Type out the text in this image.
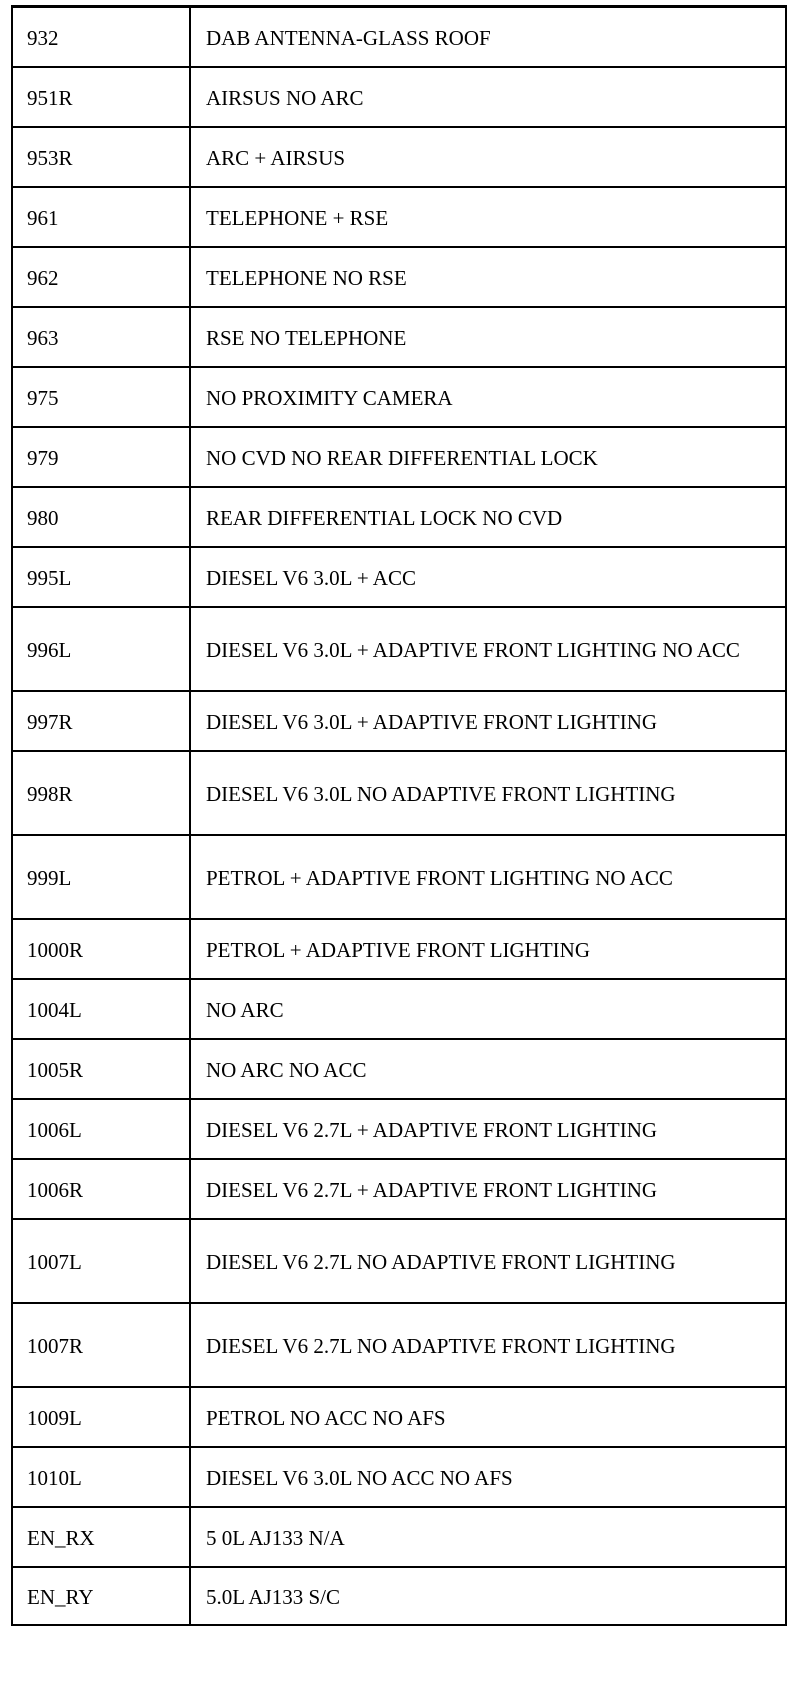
932	DAB ANTENNA-GLASS ROOF
951R	AIRSUS NO ARC
953R	ARC + AIRSUS
961	TELEPHONE + RSE
962	TELEPHONE NO RSE
963	RSE NO TELEPHONE
975	NO PROXIMITY CAMERA
979	NO CVD NO REAR DIFFERENTIAL LOCK
980	REAR DIFFERENTIAL LOCK NO CVD
995L	DIESEL V6 3.0L + ACC
996L	DIESEL V6 3.0L + ADAPTIVE FRONT LIGHTING NO ACC
997R	DIESEL V6 3.0L + ADAPTIVE FRONT LIGHTING
998R	DIESEL V6 3.0L NO ADAPTIVE FRONT LIGHTING
999L	PETROL + ADAPTIVE FRONT LIGHTING NO ACC
1000R	PETROL + ADAPTIVE FRONT LIGHTING
1004L	NO ARC
1005R	NO ARC NO ACC
1006L	DIESEL V6 2.7L + ADAPTIVE FRONT LIGHTING
1006R	DIESEL V6 2.7L + ADAPTIVE FRONT LIGHTING
1007L	DIESEL V6 2.7L NO ADAPTIVE FRONT LIGHTING
1007R	DIESEL V6 2.7L NO ADAPTIVE FRONT LIGHTING
1009L	PETROL NO ACC NO AFS
1010L	DIESEL V6 3.0L NO ACC NO AFS
EN_RX	5 0L AJ133 N/A
EN_RY	5.0L AJ133 S/C
